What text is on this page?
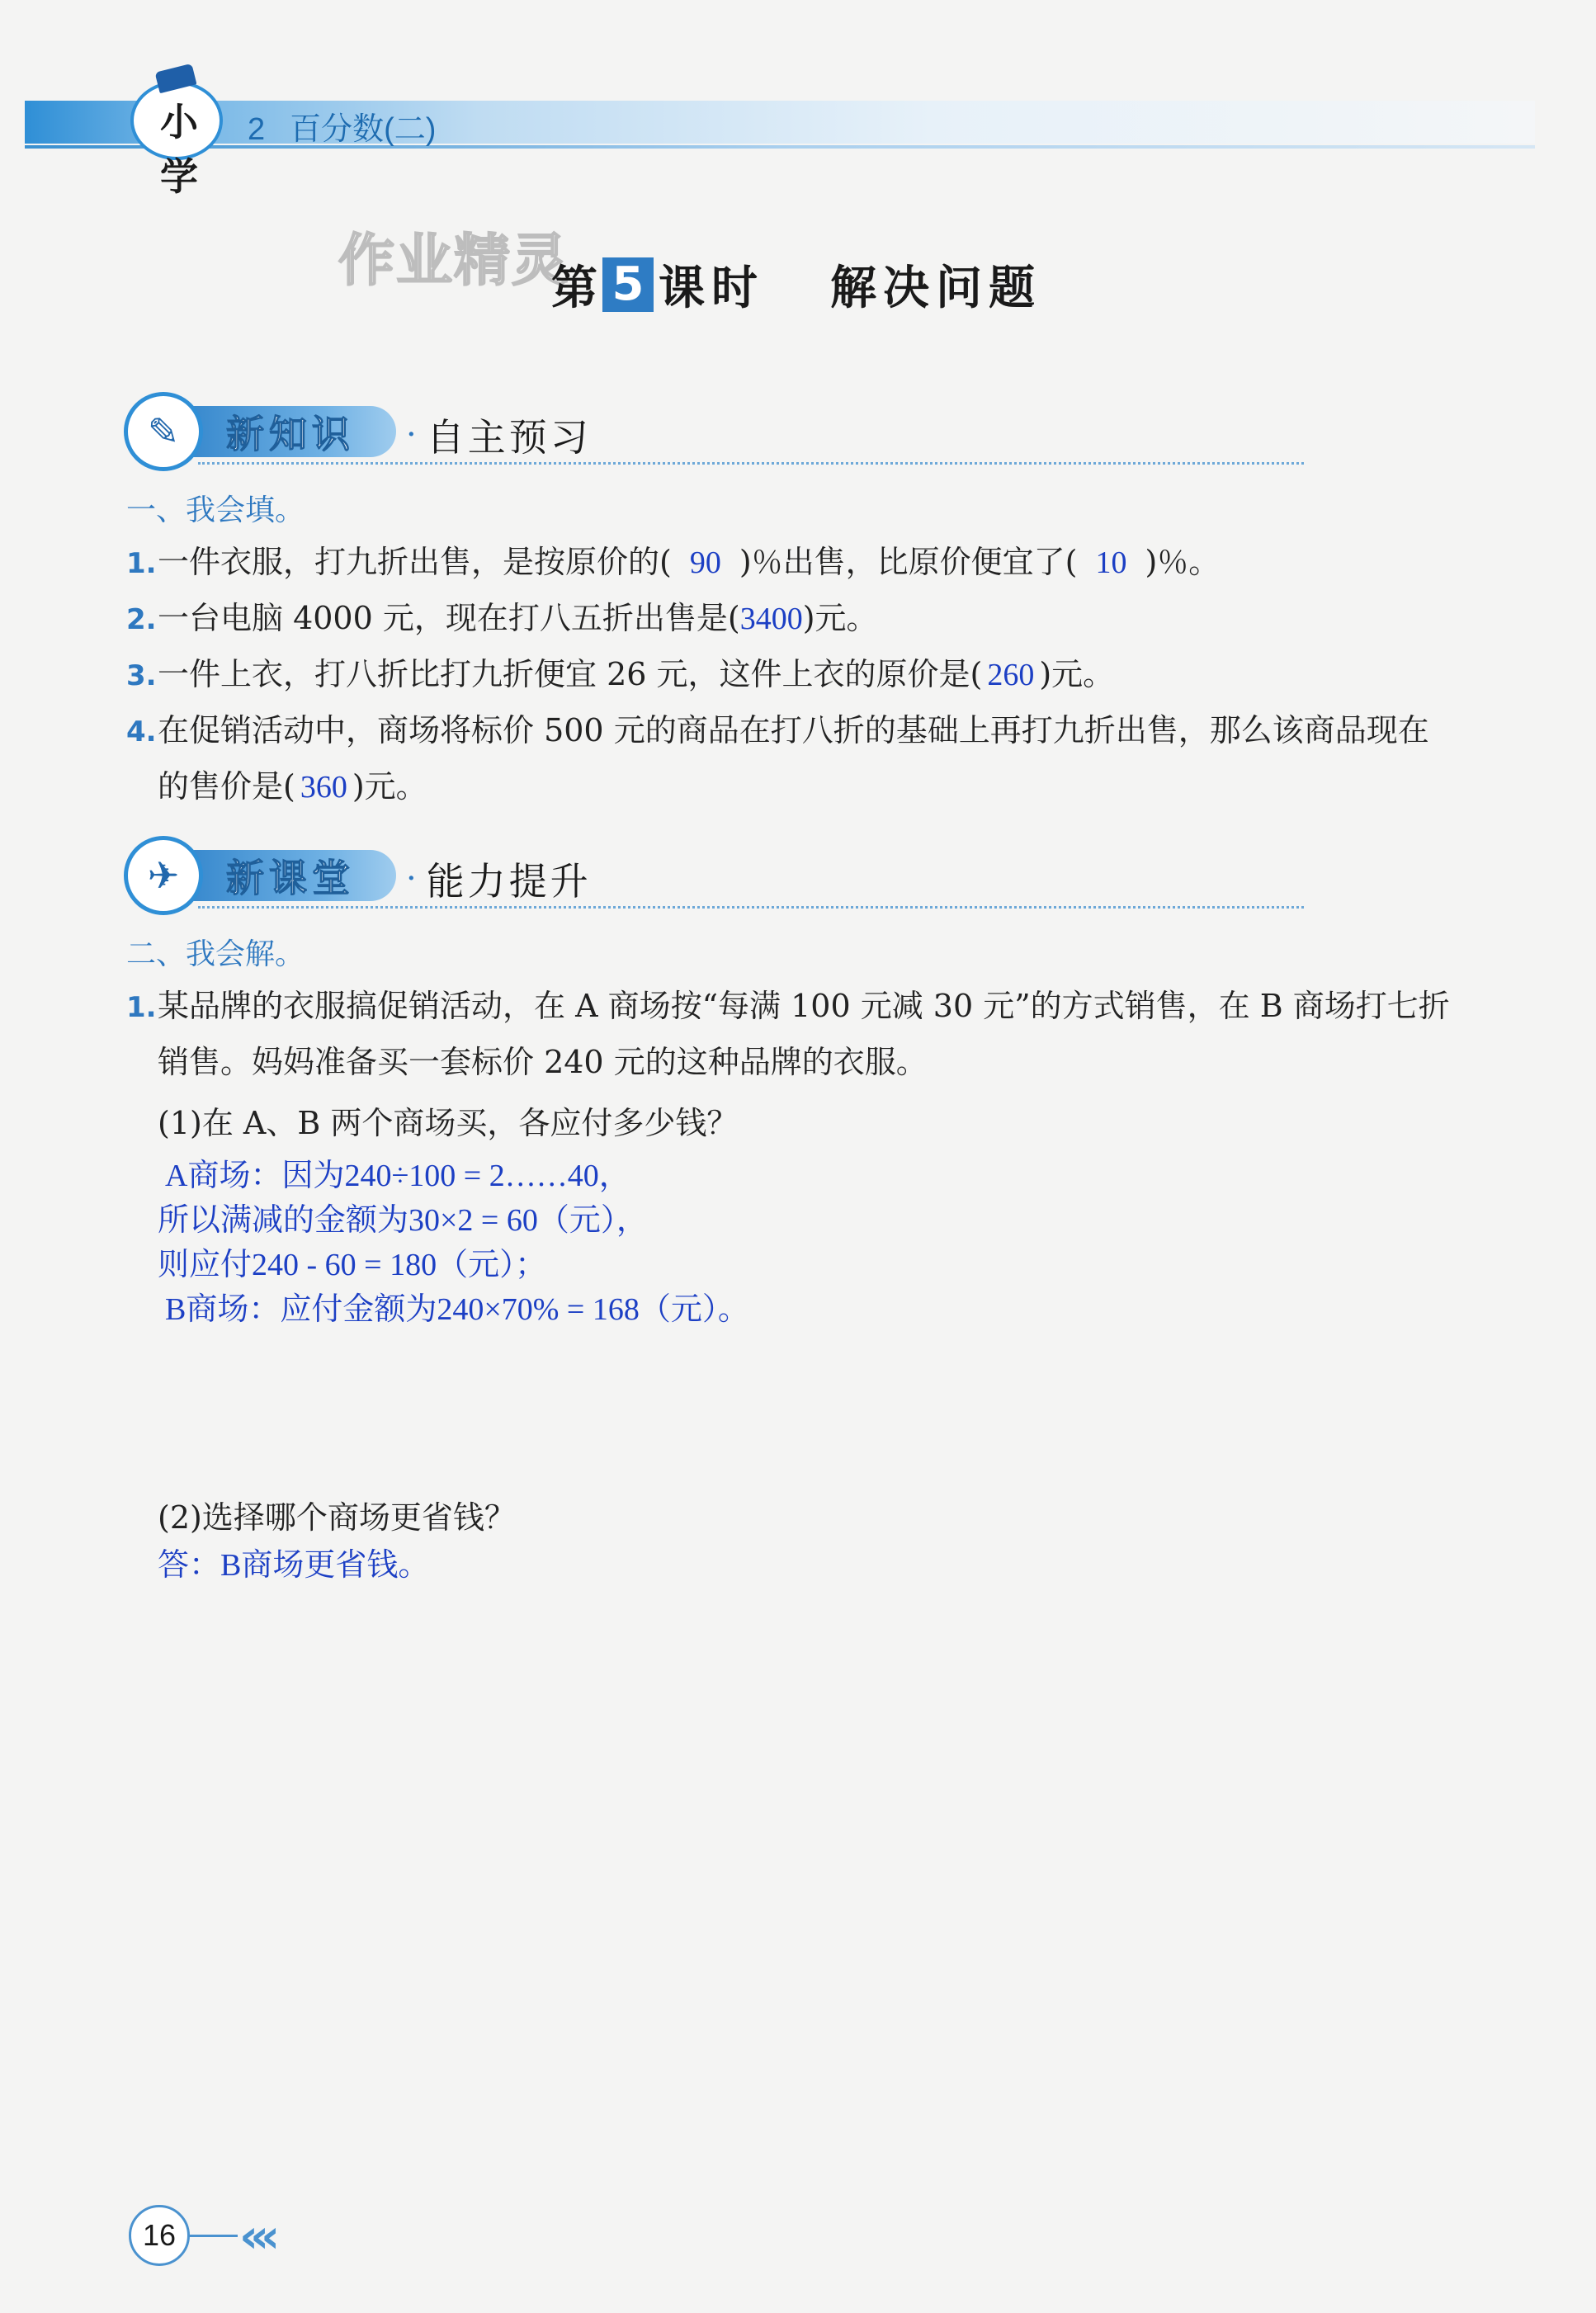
小学
2 百分数(二)
作业精灵
第 5 课时 解决问题
新知识
✎	· 自主预习
一、我会填。
1.一件衣服，打九折出售，是按原价的( 90 )％出售，比原价便宜了( 10 )％。
2.一台电脑 4000 元，现在打八五折出售是(3400)元。
3.一件上衣，打八折比打九折便宜 26 元，这件上衣的原价是( 260 )元。
4.在促销活动中，商场将标价 500 元的商品在打八折的基础上再打九折出售，那么该商品现在
的售价是( 360 )元。
新课堂
✈	· 能力提升
二、我会解。
1.某品牌的衣服搞促销活动，在 A 商场按“每满 100 元减 30 元”的方式销售，在 B 商场打七折
销售。妈妈准备买一套标价 240 元的这种品牌的衣服。
(1)在 A、B 两个商场买，各应付多少钱？
A商场：因为240÷100 = 2……40，
所以满减的金额为30×2 = 60（元），
则应付240 - 60 = 180（元）；
B商场：应付金额为240×70% = 168（元）。
(2)选择哪个商场更省钱？
答：B商场更省钱。
16	‹‹‹
